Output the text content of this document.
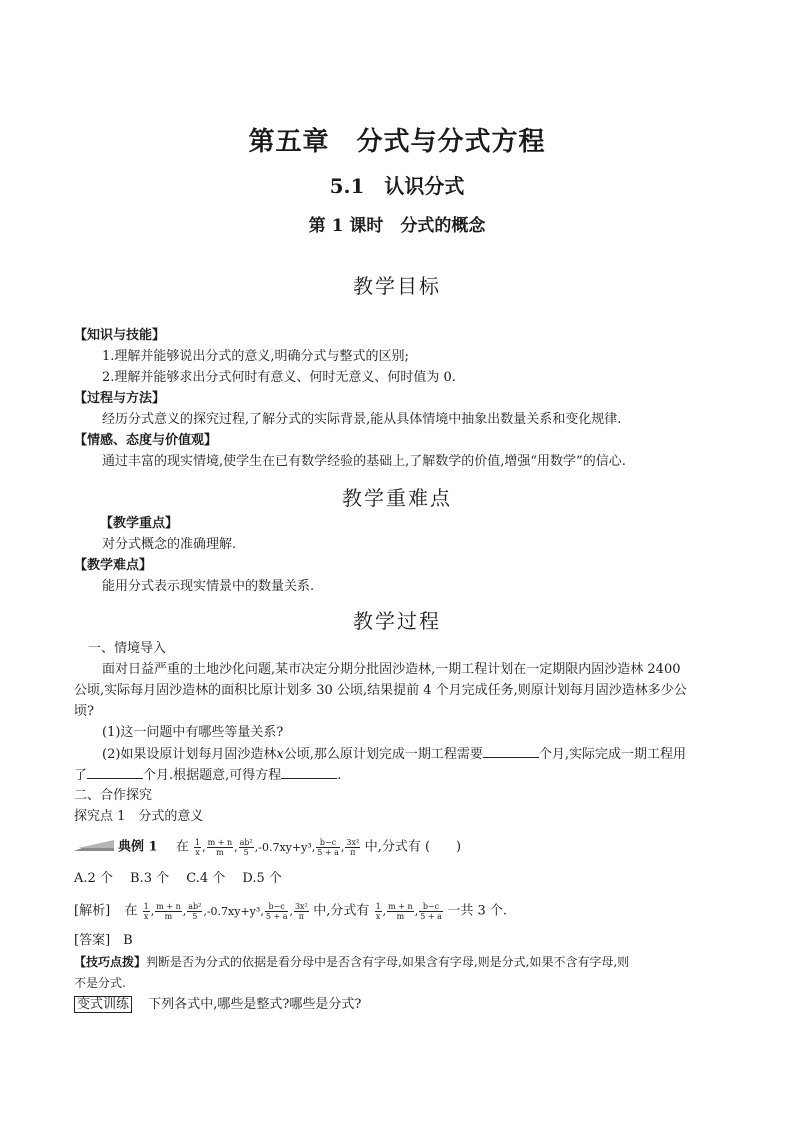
第五章　分式与分式方程
5.1　认识分式
第 1 课时　分式的概念
教学目标
【知识与技能】
1.理解并能够说出分式的意义,明确分式与整式的区别;
2.理解并能够求出分式何时有意义、何时无意义、何时值为 0.
【过程与方法】
经历分式意义的探究过程,了解分式的实际背景,能从具体情境中抽象出数量关系和变化规律.
【情感、态度与价值观】
通过丰富的现实情境,使学生在已有数学经验的基础上,了解数学的价值,增强“用数学”的信心.
教学重难点
【教学重点】
对分式概念的准确理解.
【教学难点】
能用分式表示现实情景中的数量关系.
教学过程
一、情境导入
面对日益严重的土地沙化问题,某市决定分期分批固沙造林,一期工程计划在一定期限内固沙造林 2400
公顷,实际每月固沙造林的面积比原计划多 30 公顷,结果提前 4 个月完成任务,则原计划每月固沙造林多少公
顷?
(1)这一问题中有哪些等量关系?
(2)如果设原计划每月固沙造林x公顷,那么原计划完成一期工程需要	个月,实际完成一期工程用
了	个月.根据题意,可得方程	.
二、合作探究
探究点 1　分式的意义
典例 1 在 $\frac{1}{x}$ , $\frac{m + n}{m}$ , $\frac{\text{ab²}}{5} ,-0.7xy+y^3$, $\frac{b-c}{5 + a}$ , $\frac{\text{3x²}}{\pi}$ 中,分式有 (　　)
A.2 个　 B.3 个　 C.4 个　 D.5 个
[解析] 在 $\frac{1}{x}$ , $\frac{m + n}{m}$ , $\frac{\text{ab²}}{5} ,-0.7xy+y^3$, $\frac{b-c}{5 + a}$ , $\frac{\text{3x²}}{\pi}$ 中,分式有 $\frac{1}{x}$ , $\frac{m + n}{m}$ , $\frac{b-c}{5 + a}$ 一共 3 个.
[答案]　B
【技巧点拨】判断是否为分式的依据是看分母中是否含有字母,如果含有字母,则是分式,如果不含有字母,则
不是分式.
变式训练 下列各式中,哪些是整式?哪些是分式?
